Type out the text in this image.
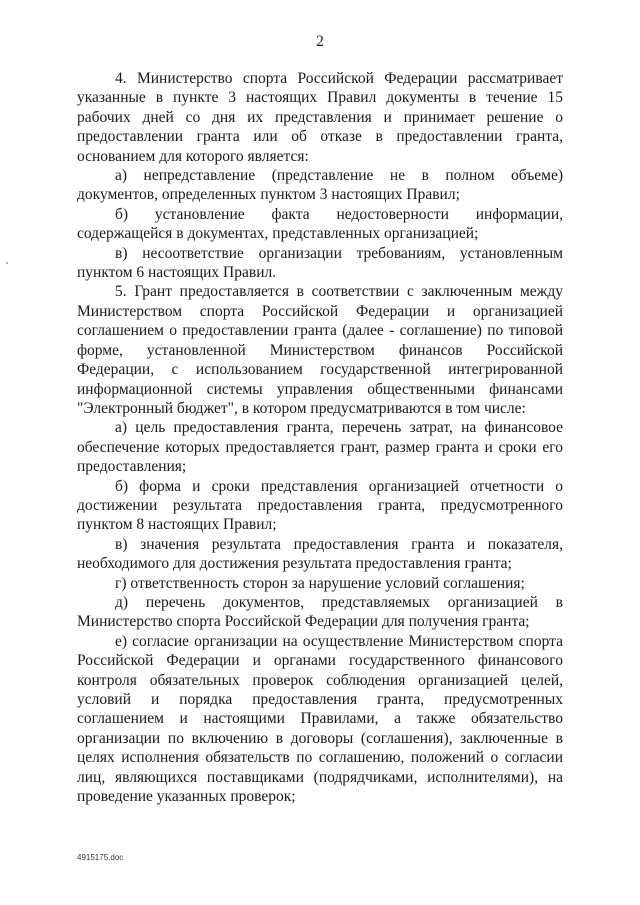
2

4. Министерство спорта Российской Федерации рассматривает указанные в пункте 3 настоящих Правил документы в течение 15 рабочих дней со дня их представления и принимает решение о предоставлении гранта или об отказе в предоставлении гранта, основанием для которого является:

а) непредставление (представление не в полном объеме) документов, определенных пунктом 3 настоящих Правил;

б) установление факта недостоверности информации, содержащейся в документах, представленных организацией;

в) несоответствие организации требованиям, установленным пунктом 6 настоящих Правил.

5. Грант предоставляется в соответствии с заключенным между Министерством спорта Российской Федерации и организацией соглашением о предоставлении гранта (далее - соглашение) по типовой форме, установленной Министерством финансов Российской Федерации, с использованием государственной интегрированной информационной системы управления общественными финансами "Электронный бюджет", в котором предусматриваются в том числе:

а) цель предоставления гранта, перечень затрат, на финансовое обеспечение которых предоставляется грант, размер гранта и сроки его предоставления;

б) форма и сроки представления организацией отчетности о достижении результата предоставления гранта, предусмотренного пунктом 8 настоящих Правил;

в) значения результата предоставления гранта и показателя, необходимого для достижения результата предоставления гранта;

г) ответственность сторон за нарушение условий соглашения;

д) перечень документов, представляемых организацией в Министерство спорта Российской Федерации для получения гранта;

е) согласие организации на осуществление Министерством спорта Российской Федерации и органами государственного финансового контроля обязательных проверок соблюдения организацией целей, условий и порядка предоставления гранта, предусмотренных соглашением и настоящими Правилами, а также обязательство организации по включению в договоры (соглашения), заключенные в целях исполнения обязательств по соглашению, положений о согласии лиц, являющихся поставщиками (подрядчиками, исполнителями), на проведение указанных проверок;

4915175.doc
